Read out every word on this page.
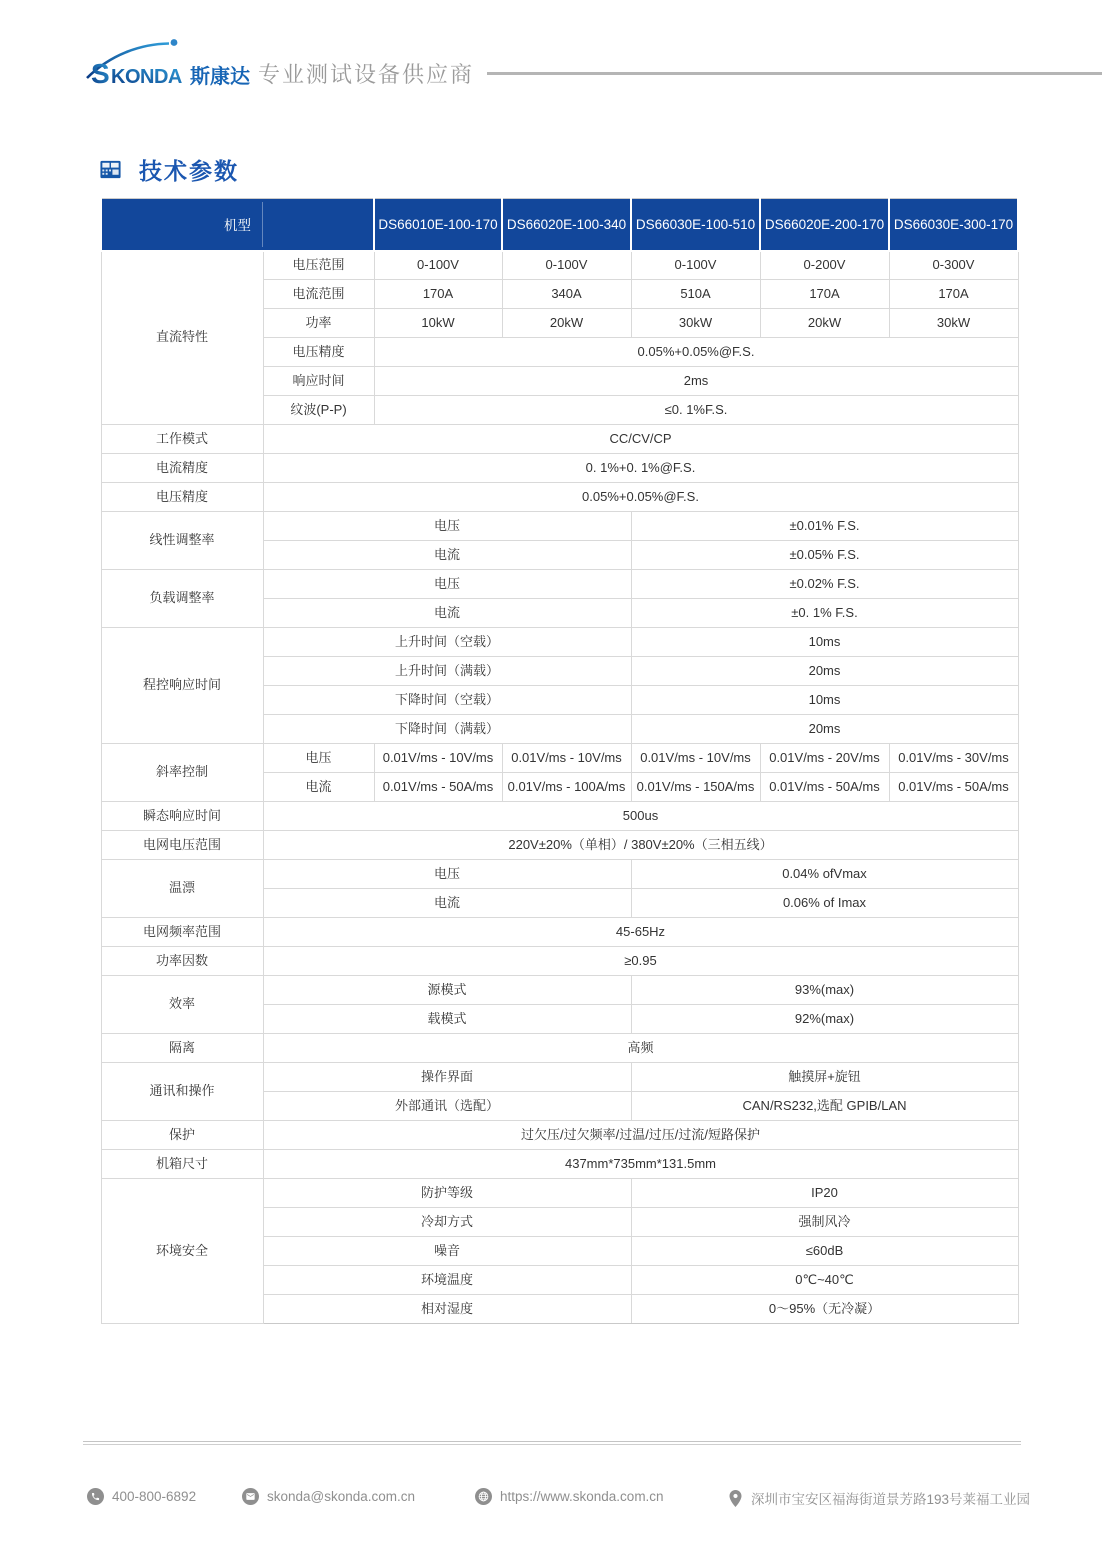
S KONDA 斯康达 专业测试设备供应商
技术参数
机型		DS66010E-100-170	DS66020E-100-340	DS66030E-100-510	DS66020E-200-170	DS66030E-300-170
直流特性	电压范围	0-100V	0-100V	0-100V	0-200V	0-300V
	电流范围	170A	340A	510A	170A	170A
	功率	10kW	20kW	30kW	20kW	30kW
	电压精度	0.05%+0.05%@F.S.				
	响应时间	2ms				
	纹波(P-P)	≤0. 1%F.S.				
工作模式	CC/CV/CP					
电流精度	0. 1%+0. 1%@F.S.					
电压精度	0.05%+0.05%@F.S.					
线性调整率	电压			±0.01% F.S.		
	电流			±0.05% F.S.		
负载调整率	电压			±0.02% F.S.		
	电流			±0. 1% F.S.		
程控响应时间	上升时间（空载）			10ms		
	上升时间（满载）			20ms		
	下降时间（空载）			10ms		
	下降时间（满载）			20ms		
斜率控制	电压	0.01V/ms - 10V/ms	0.01V/ms - 10V/ms	0.01V/ms - 10V/ms	0.01V/ms - 20V/ms	0.01V/ms - 30V/ms
	电流	0.01V/ms - 50A/ms	0.01V/ms - 100A/ms	0.01V/ms - 150A/ms	0.01V/ms - 50A/ms	0.01V/ms - 50A/ms
瞬态响应时间	500us					
电网电压范围	220V±20%（单相）/ 380V±20%（三相五线）					
温漂	电压			0.04% ofVmax		
	电流			0.06% of Imax		
电网频率范围	45-65Hz					
功率因数	≥0.95					
效率	源模式			93%(max)		
	载模式			92%(max)		
隔离	高频					
通讯和操作	操作界面			触摸屏+旋钮		
	外部通讯（选配）			CAN/RS232,选配 GPIB/LAN		
保护	过欠压/过欠频率/过温/过压/过流/短路保护					
机箱尺寸	437mm*735mm*131.5mm					
环境安全	防护等级			IP20		
	冷却方式			强制风冷		
	噪音			≤60dB		
	环境温度			0℃~40℃		
	相对湿度			0～95%（无冷凝）		
400-800-6892	skonda@skonda.com.cn	https://www.skonda.com.cn	深圳市宝安区福海街道景芳路193号莱福工业园
